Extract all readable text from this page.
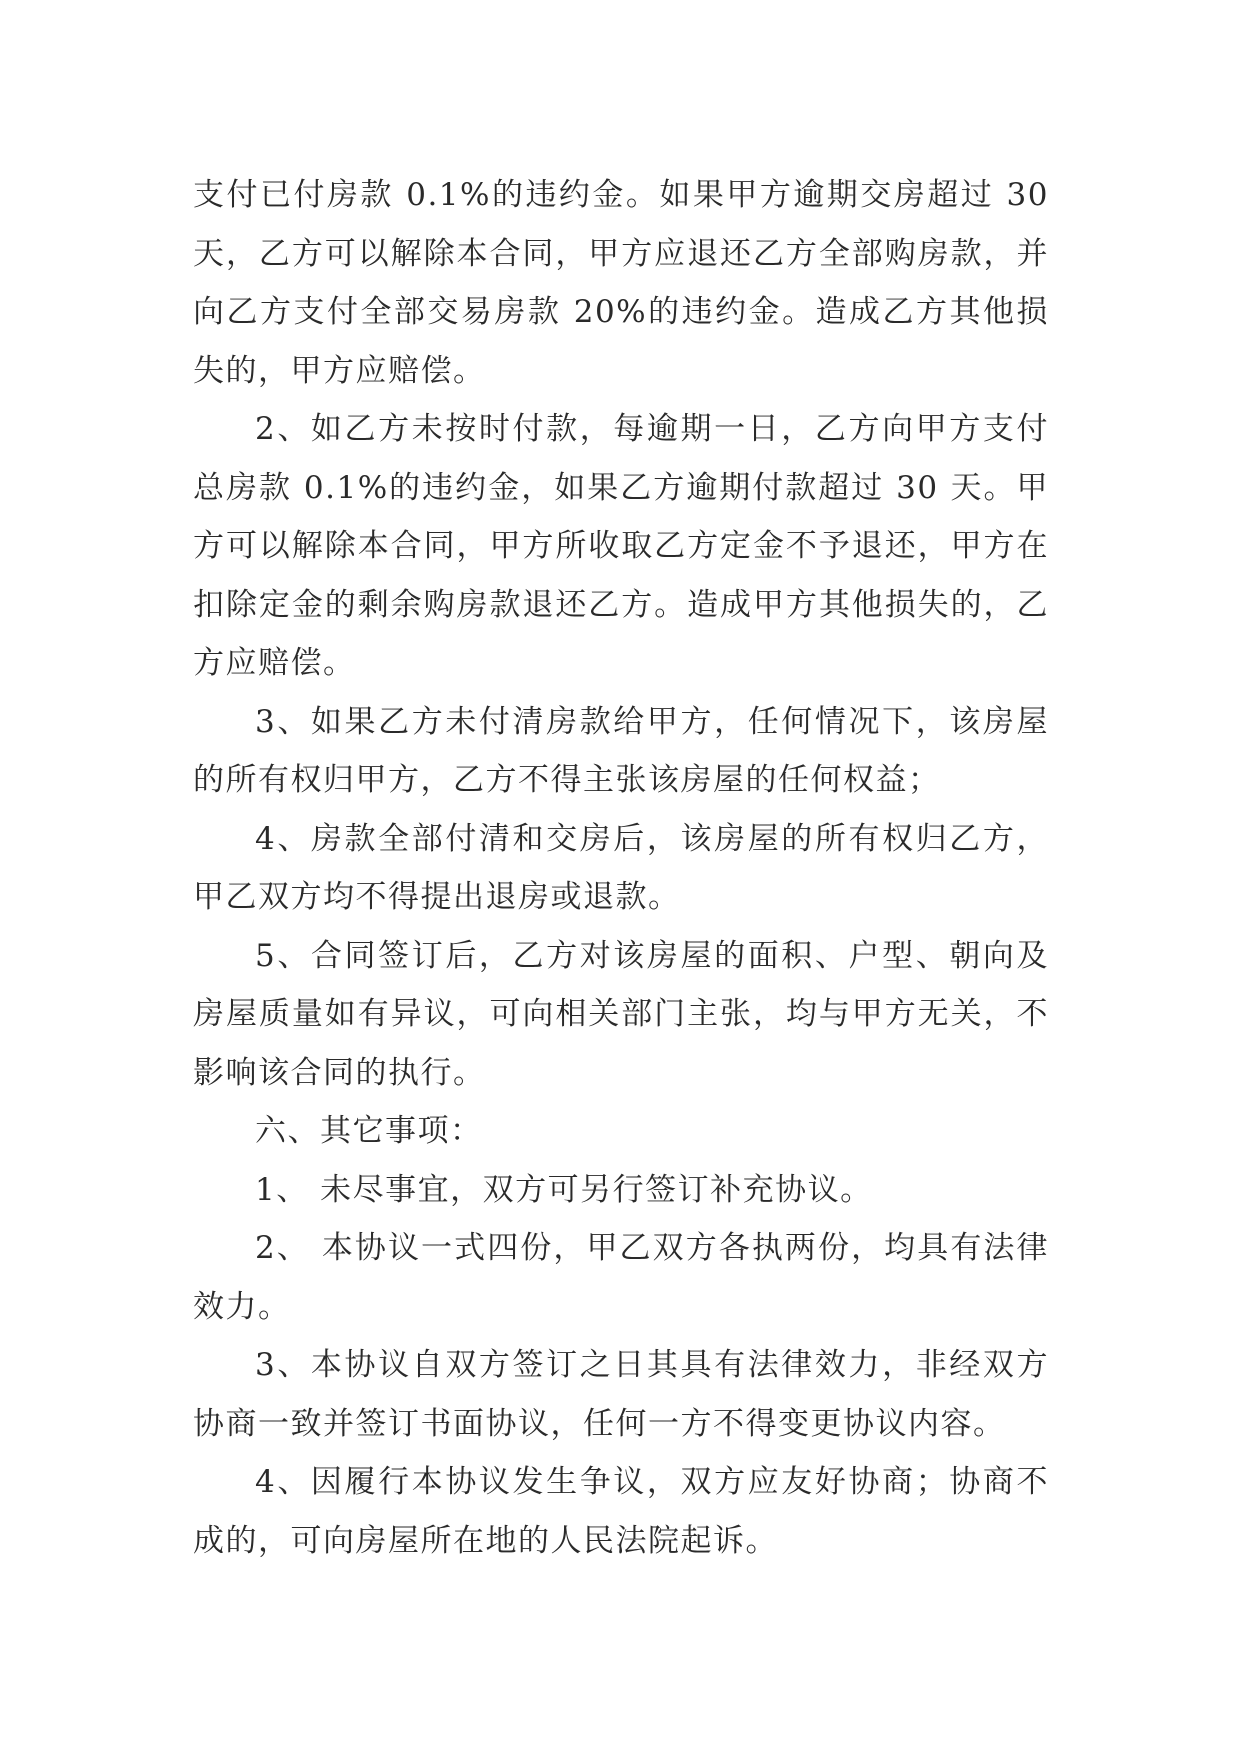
支付已付房款 0.1%的违约金。如果甲方逾期交房超过 30 天，乙方可以解除本合同，甲方应退还乙方全部购房款，并向乙方支付全部交易房款 20%的违约金。造成乙方其他损失的，甲方应赔偿。

2、如乙方未按时付款，每逾期一日，乙方向甲方支付总房款 0.1%的违约金，如果乙方逾期付款超过 30 天。甲方可以解除本合同，甲方所收取乙方定金不予退还，甲方在扣除定金的剩余购房款退还乙方。造成甲方其他损失的，乙方应赔偿。

3、如果乙方未付清房款给甲方，任何情况下，该房屋的所有权归甲方，乙方不得主张该房屋的任何权益；

4、房款全部付清和交房后，该房屋的所有权归乙方，甲乙双方均不得提出退房或退款。

5、合同签订后，乙方对该房屋的面积、户型、朝向及房屋质量如有异议，可向相关部门主张，均与甲方无关，不影响该合同的执行。

六、其它事项：

1、 未尽事宜，双方可另行签订补充协议。

2、 本协议一式四份，甲乙双方各执两份，均具有法律效力。

3、本协议自双方签订之日其具有法律效力，非经双方协商一致并签订书面协议，任何一方不得变更协议内容。

4、因履行本协议发生争议，双方应友好协商；协商不成的，可向房屋所在地的人民法院起诉。
